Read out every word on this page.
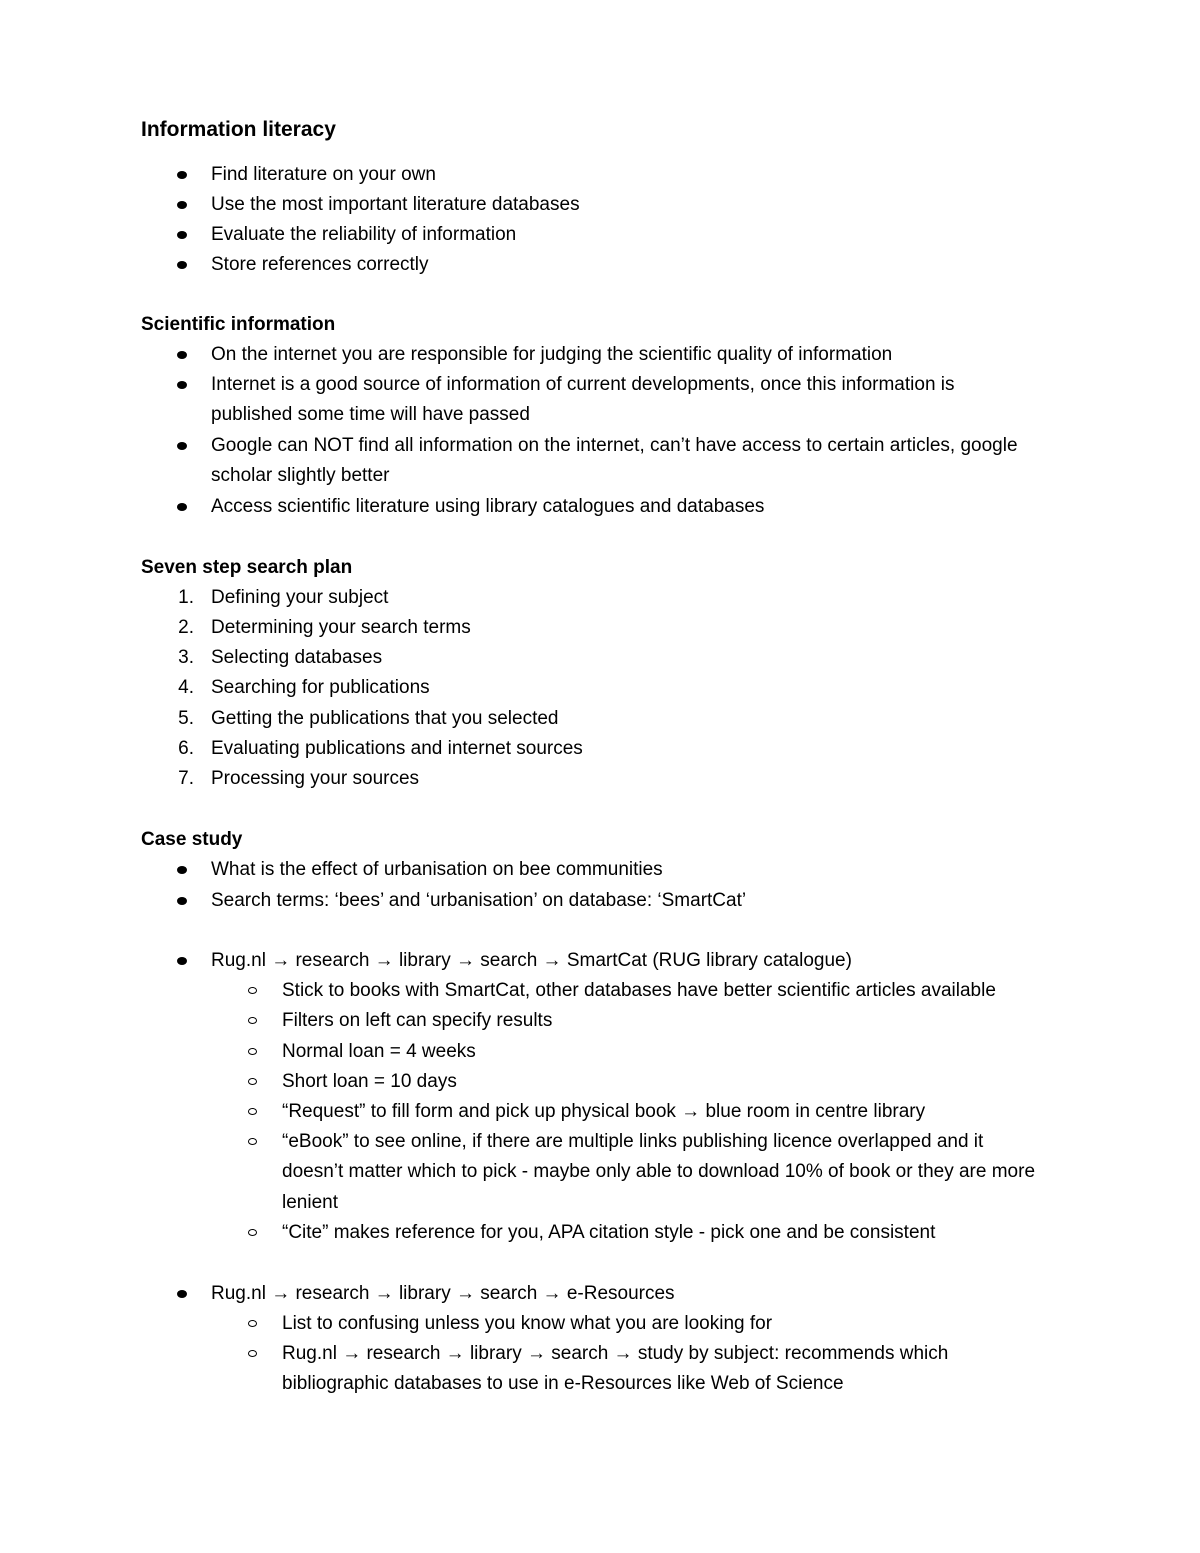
Information literacy
Find literature on your own
Use the most important literature databases
Evaluate the reliability of information
Store references correctly
Scientific information
On the internet you are responsible for judging the scientific quality of information
Internet is a good source of information of current developments, once this information is published some time will have passed
Google can NOT find all information on the internet, can’t have access to certain articles, google scholar slightly better
Access scientific literature using library catalogues and databases
Seven step search plan
1. Defining your subject
2. Determining your search terms
3. Selecting databases
4. Searching for publications
5. Getting the publications that you selected
6. Evaluating publications and internet sources
7. Processing your sources
Case study
What is the effect of urbanisation on bee communities
Search terms: ‘bees’ and ‘urbanisation’ on database: ‘SmartCat’
Rug.nl → research → library → search → SmartCat (RUG library catalogue)
Stick to books with SmartCat, other databases have better scientific articles available
Filters on left can specify results
Normal loan = 4 weeks
Short loan = 10 days
“Request” to fill form and pick up physical book → blue room in centre library
“eBook” to see online, if there are multiple links publishing licence overlapped and it doesn’t matter which to pick - maybe only able to download 10% of book or they are more lenient
“Cite” makes reference for you, APA citation style - pick one and be consistent
Rug.nl → research → library → search → e-Resources
List to confusing unless you know what you are looking for
Rug.nl → research → library → search → study by subject: recommends which bibliographic databases to use in e-Resources like Web of Science
